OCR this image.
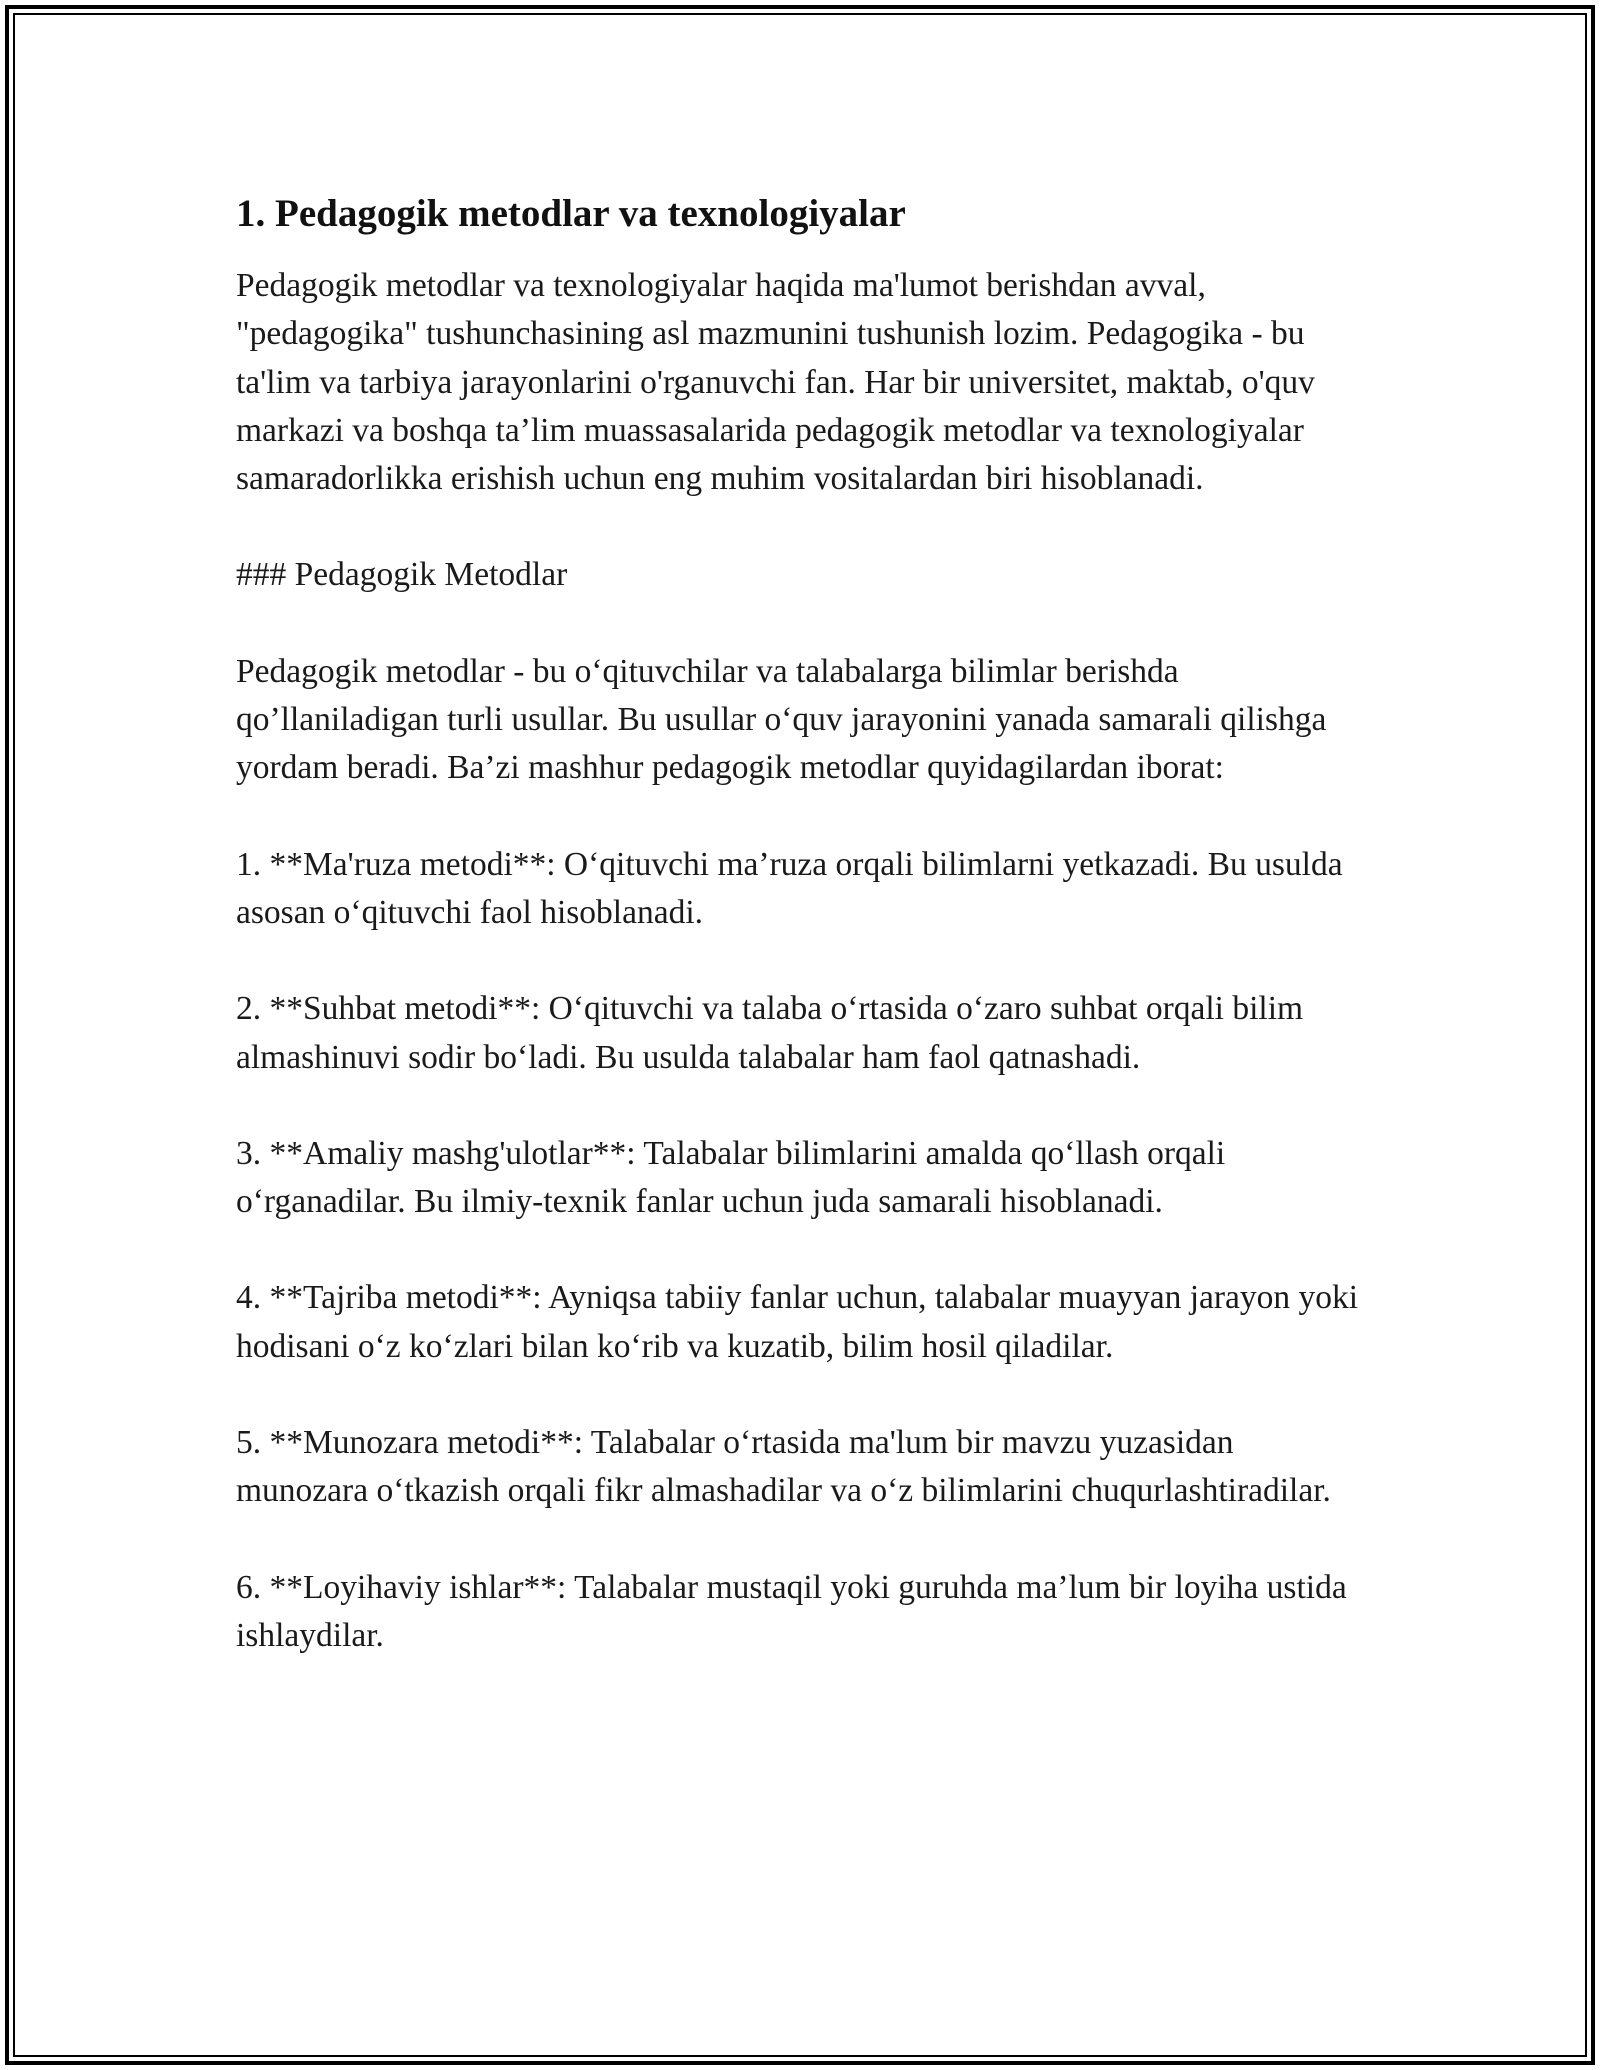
1. Pedagogik metodlar va texnologiyalar

Pedagogik metodlar va texnologiyalar haqida ma'lumot berishdan avval, "pedagogika" tushunchasining asl mazmunini tushunish lozim. Pedagogika - bu ta'lim va tarbiya jarayonlarini o'rganuvchi fan. Har bir universitet, maktab, o'quv markazi va boshqa ta’lim muassasalarida pedagogik metodlar va texnologiyalar samaradorlikka erishish uchun eng muhim vositalardan biri hisoblanadi.

### Pedagogik Metodlar

Pedagogik metodlar - bu o‘qituvchilar va talabalarga bilimlar berishda qo’llaniladigan turli usullar. Bu usullar o‘quv jarayonini yanada samarali qilishga yordam beradi. Ba’zi mashhur pedagogik metodlar quyidagilardan iborat:

1. **Ma'ruza metodi**: O‘qituvchi ma’ruza orqali bilimlarni yetkazadi. Bu usulda asosan o‘qituvchi faol hisoblanadi.

2. **Suhbat metodi**: O‘qituvchi va talaba o‘rtasida o‘zaro suhbat orqali bilim almashinuvi sodir bo‘ladi. Bu usulda talabalar ham faol qatnashadi.

3. **Amaliy mashg'ulotlar**: Talabalar bilimlarini amalda qo‘llash orqali o‘rganadilar. Bu ilmiy-texnik fanlar uchun juda samarali hisoblanadi.

4. **Tajriba metodi**: Ayniqsa tabiiy fanlar uchun, talabalar muayyan jarayon yoki hodisani o‘z ko‘zlari bilan ko‘rib va kuzatib, bilim hosil qiladilar.

5. **Munozara metodi**: Talabalar o‘rtasida ma'lum bir mavzu yuzasidan munozara o‘tkazish orqali fikr almashadilar va o‘z bilimlarini chuqurlashtiradilar.

6. **Loyihaviy ishlar**: Talabalar mustaqil yoki guruhda ma’lum bir loyiha ustida ishlaydilar.
